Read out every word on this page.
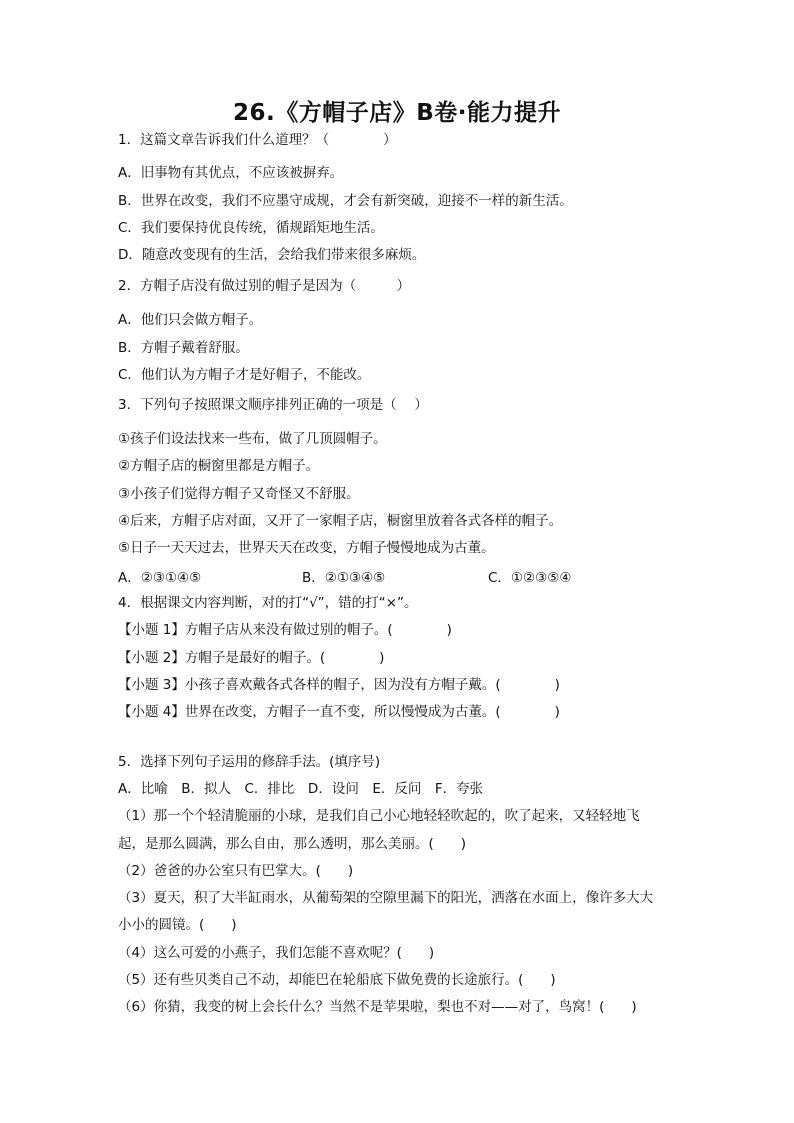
26.《方帽子店》B卷·能力提升
1．这篇文章告诉我们什么道理？（　　　　）
A．旧事物有其优点，不应该被摒弃。
B．世界在改变，我们不应墨守成规，才会有新突破，迎接不一样的新生活。
C．我们要保持优良传统，循规蹈矩地生活。
D．随意改变现有的生活，会给我们带来很多麻烦。
2．方帽子店没有做过别的帽子是因为（　　　）
A．他们只会做方帽子。
B．方帽子戴着舒服。
C．他们认为方帽子才是好帽子，不能改。
3．下列句子按照课文顺序排列正确的一项是（　 ）
①孩子们设法找来一些布，做了几顶圆帽子。
②方帽子店的橱窗里都是方帽子。
③小孩子们觉得方帽子又奇怪又不舒服。
④后来，方帽子店对面，又开了一家帽子店，橱窗里放着各式各样的帽子。
⑤日子一天天过去，世界天天在改变，方帽子慢慢地成为古董。
A．②③①④⑤	B．②①③④⑤	C．①②③⑤④
4．根据课文内容判断，对的打“√”，错的打“×”。
【小题 1】方帽子店从来没有做过别的帽子。(　　　　)
【小题 2】方帽子是最好的帽子。(　　　　)
【小题 3】小孩子喜欢戴各式各样的帽子，因为没有方帽子戴。(　　　　)
【小题 4】世界在改变，方帽子一直不变，所以慢慢成为古董。(　　　　)
5．选择下列句子运用的修辞手法。(填序号)
A．比喻　B．拟人　C．排比　D．设问　E．反问　F．夸张
（1）那一个个轻清脆丽的小球，是我们自己小心地轻轻吹起的，吹了起来，又轻轻地飞
起，是那么圆满，那么自由，那么透明，那么美丽。(　　)
（2）爸爸的办公室只有巴掌大。(　　)
（3）夏天，积了大半缸雨水，从葡萄架的空隙里漏下的阳光，洒落在水面上，像许多大大
小小的圆镜。(　　)
（4）这么可爱的小燕子，我们怎能不喜欢呢？(　　)
（5）还有些贝类自己不动，却能巴在轮船底下做免费的长途旅行。(　　)
（6）你猜，我变的树上会长什么？当然不是苹果啦，梨也不对——对了，鸟窝！(　　)
